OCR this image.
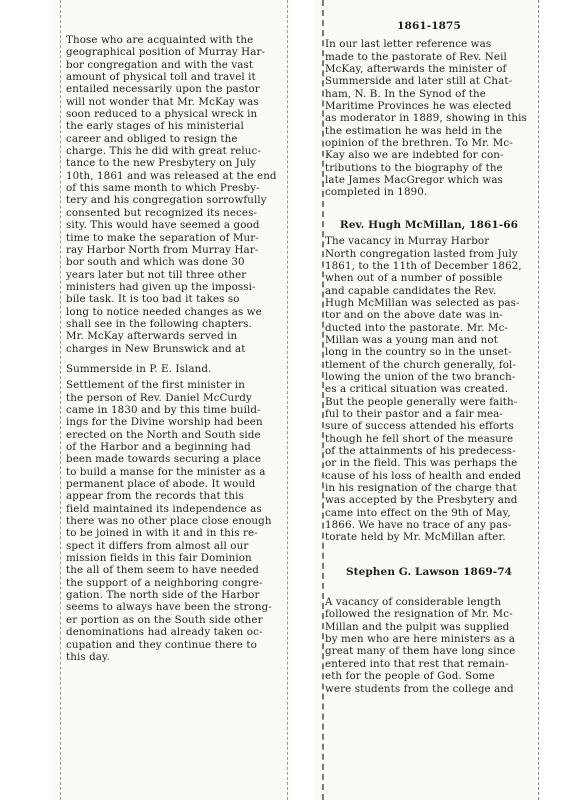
Those who are acquainted with the
geographical position of Murray Har-
bor congregation and with the vast
amount of physical toll and travel it
entailed necessarily upon the pastor
will not wonder that Mr. McKay was
soon reduced to a physical wreck in
the early stages of his ministerial
career and obliged to resign the
charge. This he did with great reluc-
tance to the new Presbytery on July
10th, 1861 and was released at the end
of this same month to which Presby-
tery and his congregation sorrowfully
consented but recognized its neces-
sity. This would have seemed a good
time to make the separation of Mur-
ray Harbor North from Murray Har-
bor south and which was done 30
years later but not till three other
ministers had given up the impossi-
bile task. It is too bad it takes so
long to notice needed changes as we
shall see in the following chapters.
Mr. McKay afterwards served in
charges in New Brunswick and at
Summerside in P. E. Island.
Settlement of the first minister in
the person of Rev. Daniel McCurdy
came in 1830 and by this time build-
ings for the Divine worship had been
erected on the North and South side
of the Harbor and a beginning had
been made towards securing a place
to build a manse for the minister as a
permanent place of abode. It would
appear from the records that this
field maintained its independence as
there was no other place close enough
to be joined in with it and in this re-
spect it differs from almost all our
mission fields in this fair Dominion
the all of them seem to have needed
the support of a neighboring congre-
gation. The north side of the Harbor
seems to always have been the strong-
er portion as on the South side other
denominations had already taken oc-
cupation and they continue there to
this day.
1861-1875
In our last letter reference was
made to the pastorate of Rev. Neil
McKay, afterwards the minister of
Summerside and later still at Chat-
ham, N. B. In the Synod of the
Maritime Provinces he was elected
as moderator in 1889, showing in this
the estimation he was held in the
opinion of the brethren. To Mr. Mc-
Kay also we are indebted for con-
tributions to the biography of the
late James MacGregor which was
completed in 1890.
Rev. Hugh McMillan, 1861-66
The vacancy in Murray Harbor
North congregation lasted from July
1861, to the 11th of December 1862,
when out of a number of possible
and capable candidates the Rev.
Hugh McMillan was selected as pas-
tor and on the above date was in-
ducted into the pastorate. Mr. Mc-
Millan was a young man and not
long in the country so in the unset-
tlement of the church generally, fol-
lowing the union of the two branch-
es a critical situation was created.
But the people generally were faith-
ful to their pastor and a fair mea-
sure of success attended his efforts
though he fell short of the measure
of the attainments of his predecess-
or in the field. This was perhaps the
cause of his loss of health and ended
in his resignation of the charge that
was accepted by the Presbytery and
came into effect on the 9th of May,
1866. We have no trace of any pas-
torate held by Mr. McMillan after.
Stephen G. Lawson 1869-74
A vacancy of considerable length
followed the resignation of Mr. Mc-
Millan and the pulpit was supplied
by men who are here ministers as a
great many of them have long since
entered into that rest that remain-
eth for the people of God. Some
were students from the college and
